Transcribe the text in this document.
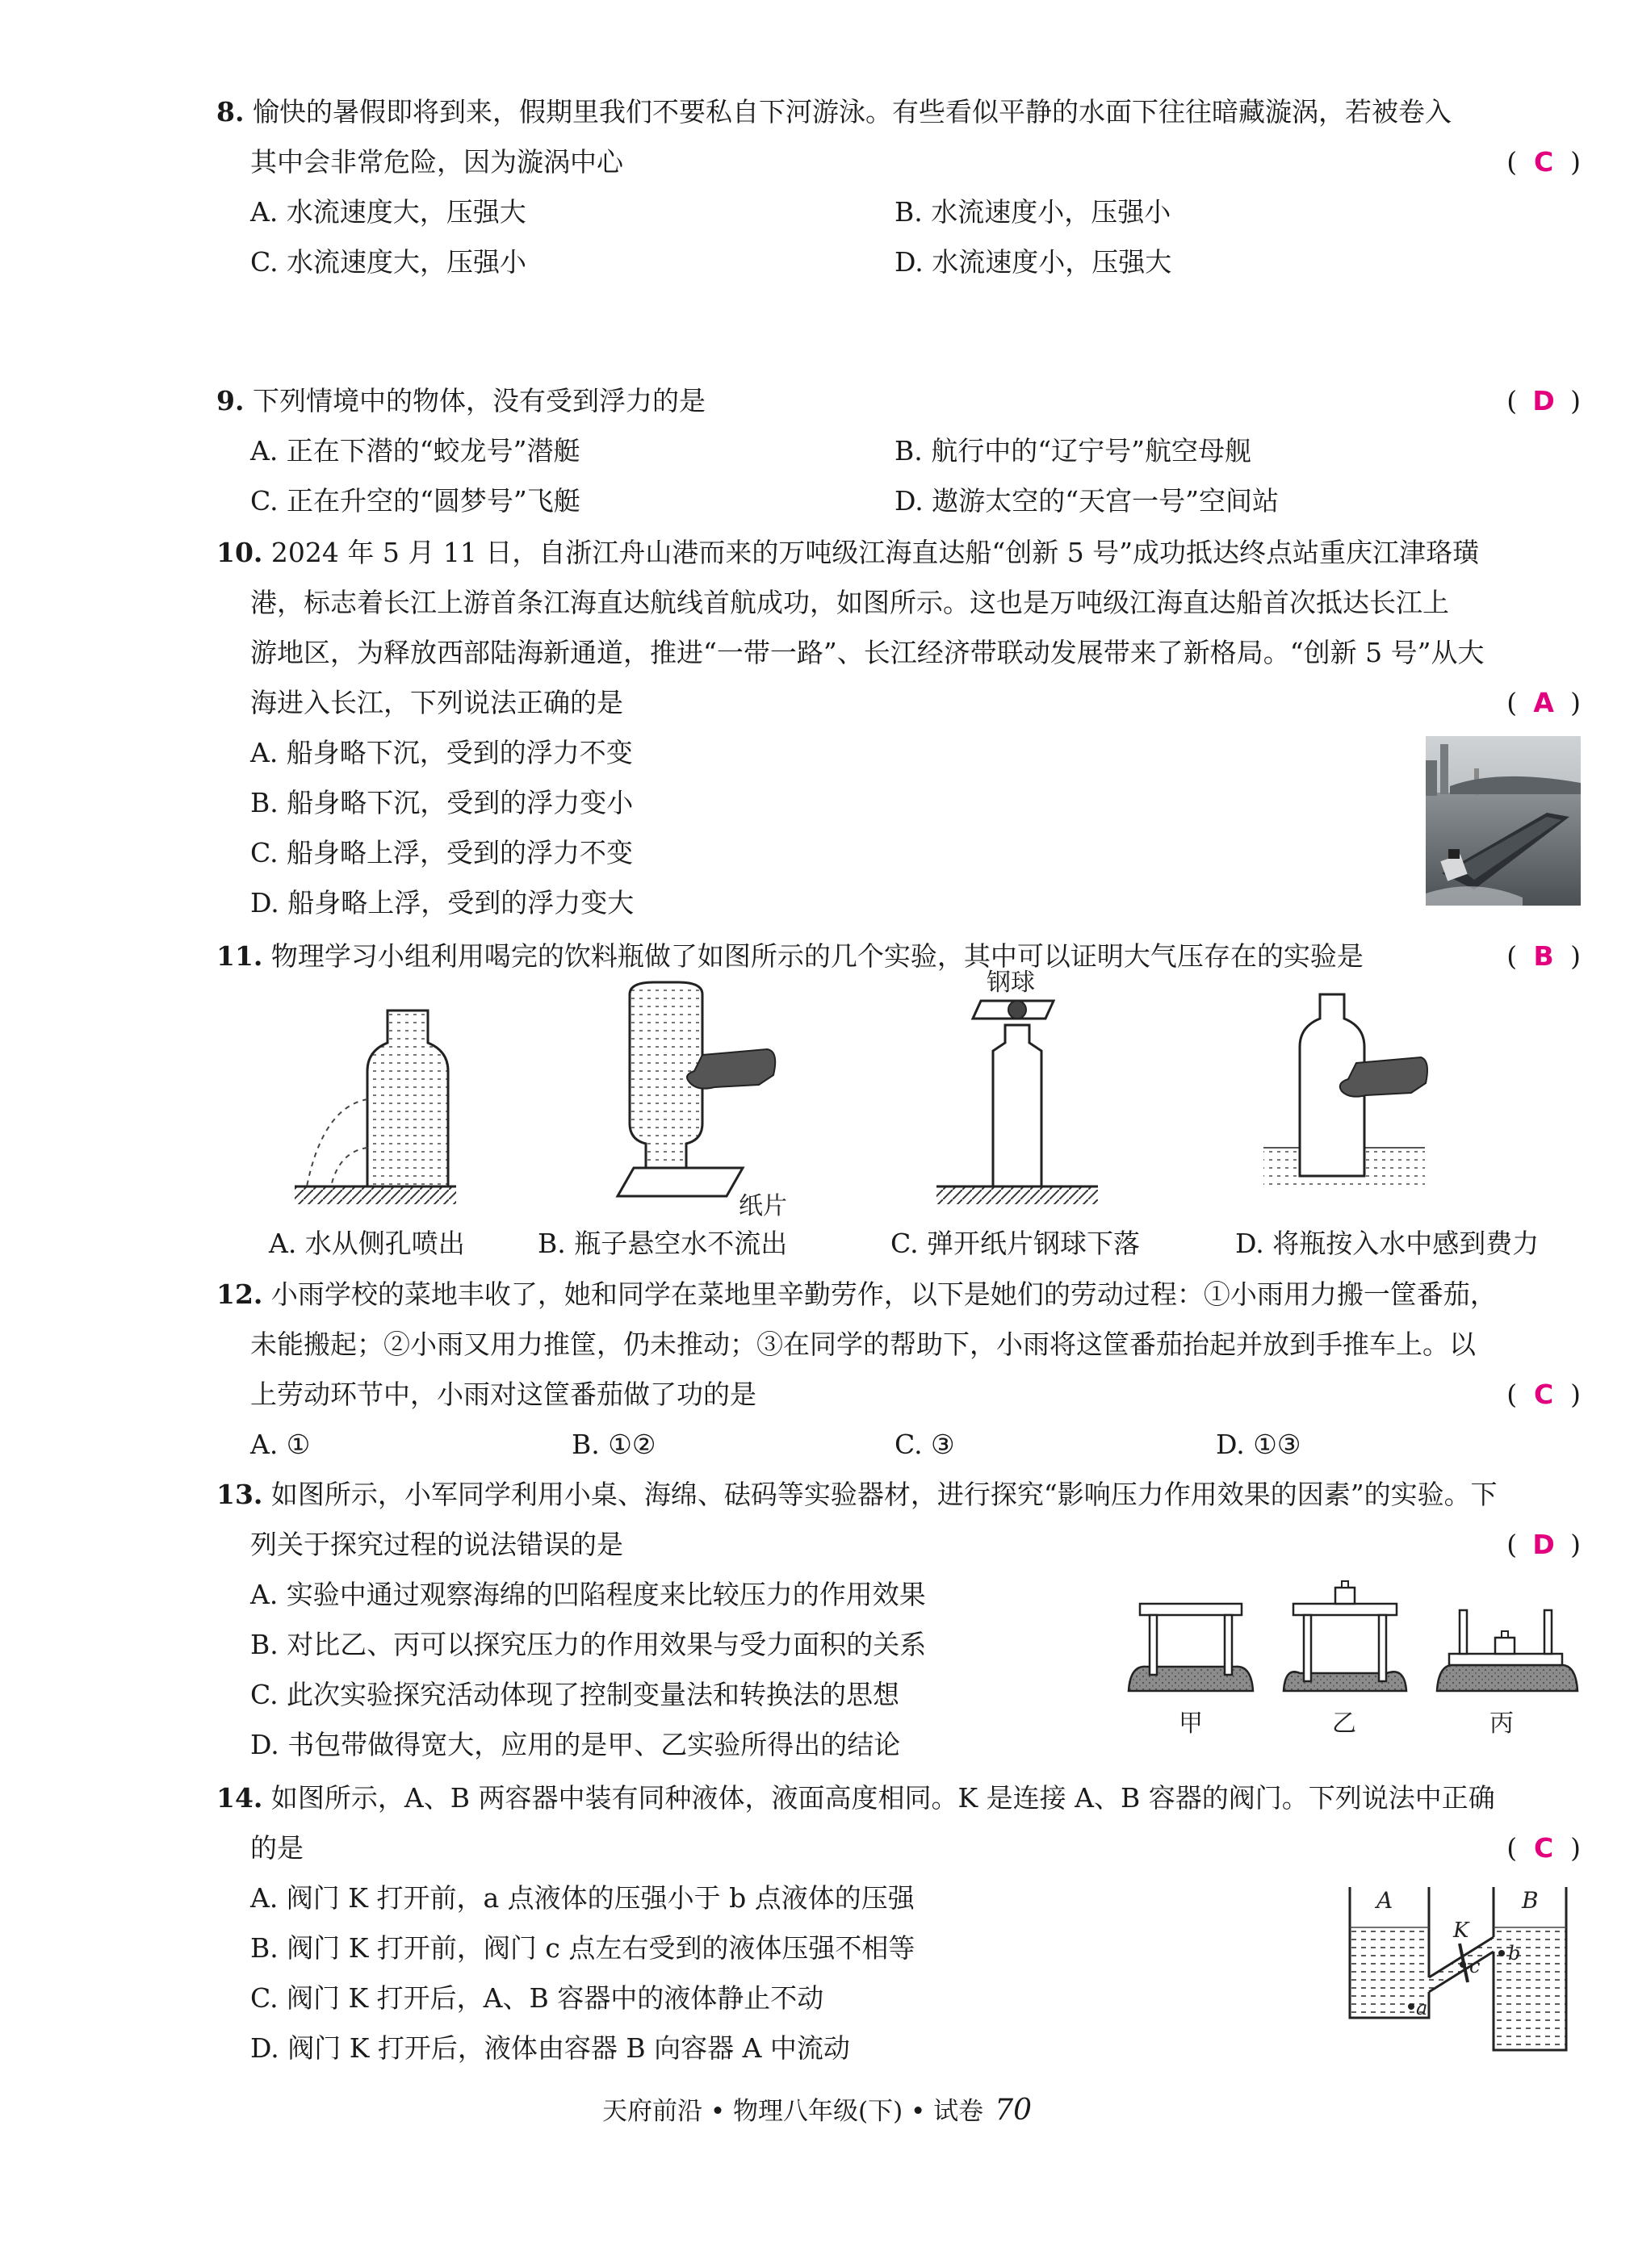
8. 愉快的暑假即将到来，假期里我们不要私自下河游泳。有些看似平静的水面下往往暗藏漩涡，若被卷入
其中会非常危险，因为漩涡中心	( C )
A. 水流速度大，压强大	B. 水流速度小，压强小
C. 水流速度大，压强小	D. 水流速度小，压强大
9. 下列情境中的物体，没有受到浮力的是	( D )
A. 正在下潜的“蛟龙号”潜艇	B. 航行中的“辽宁号”航空母舰
C. 正在升空的“圆梦号”飞艇	D. 遨游太空的“天宫一号”空间站
10. 2024 年 5 月 11 日，自浙江舟山港而来的万吨级江海直达船“创新 5 号”成功抵达终点站重庆江津珞璜
港，标志着长江上游首条江海直达航线首航成功，如图所示。这也是万吨级江海直达船首次抵达长江上
游地区，为释放西部陆海新通道，推进“一带一路”、长江经济带联动发展带来了新格局。“创新 5 号”从大
海进入长江，下列说法正确的是	( A )
A. 船身略下沉，受到的浮力不变
B. 船身略下沉，受到的浮力变小
C. 船身略上浮，受到的浮力不变
D. 船身略上浮，受到的浮力变大
11. 物理学习小组利用喝完的饮料瓶做了如图所示的几个实验，其中可以证明大气压存在的实验是	( B )
纸片
钢球
A. 水从侧孔喷出	B. 瓶子悬空水不流出	C. 弹开纸片钢球下落	D. 将瓶按入水中感到费力
12. 小雨学校的菜地丰收了，她和同学在菜地里辛勤劳作，以下是她们的劳动过程：①小雨用力搬一筐番茄，
未能搬起；②小雨又用力推筐，仍未推动；③在同学的帮助下，小雨将这筐番茄抬起并放到手推车上。以
上劳动环节中，小雨对这筐番茄做了功的是	( C )
A. ①	B. ①②	C. ③	D. ①③
13. 如图所示，小军同学利用小桌、海绵、砝码等实验器材，进行探究“影响压力作用效果的因素”的实验。下
列关于探究过程的说法错误的是	( D )
A. 实验中通过观察海绵的凹陷程度来比较压力的作用效果
B. 对比乙、丙可以探究压力的作用效果与受力面积的关系
C. 此次实验探究活动体现了控制变量法和转换法的思想
D. 书包带做得宽大，应用的是甲、乙实验所得出的结论
甲	乙	丙
14. 如图所示，A、B 两容器中装有同种液体，液面高度相同。K 是连接 A、B 容器的阀门。下列说法中正确
的是	( C )
A. 阀门 K 打开前，a 点液体的压强小于 b 点液体的压强
B. 阀门 K 打开前，阀门 c 点左右受到的液体压强不相等
C. 阀门 K 打开后，A、B 容器中的液体静止不动
D. 阀门 K 打开后，液体由容器 B 向容器 A 中流动
A	B
K
a
c
b
天府前沿 • 物理八年级(下) • 试卷 70
